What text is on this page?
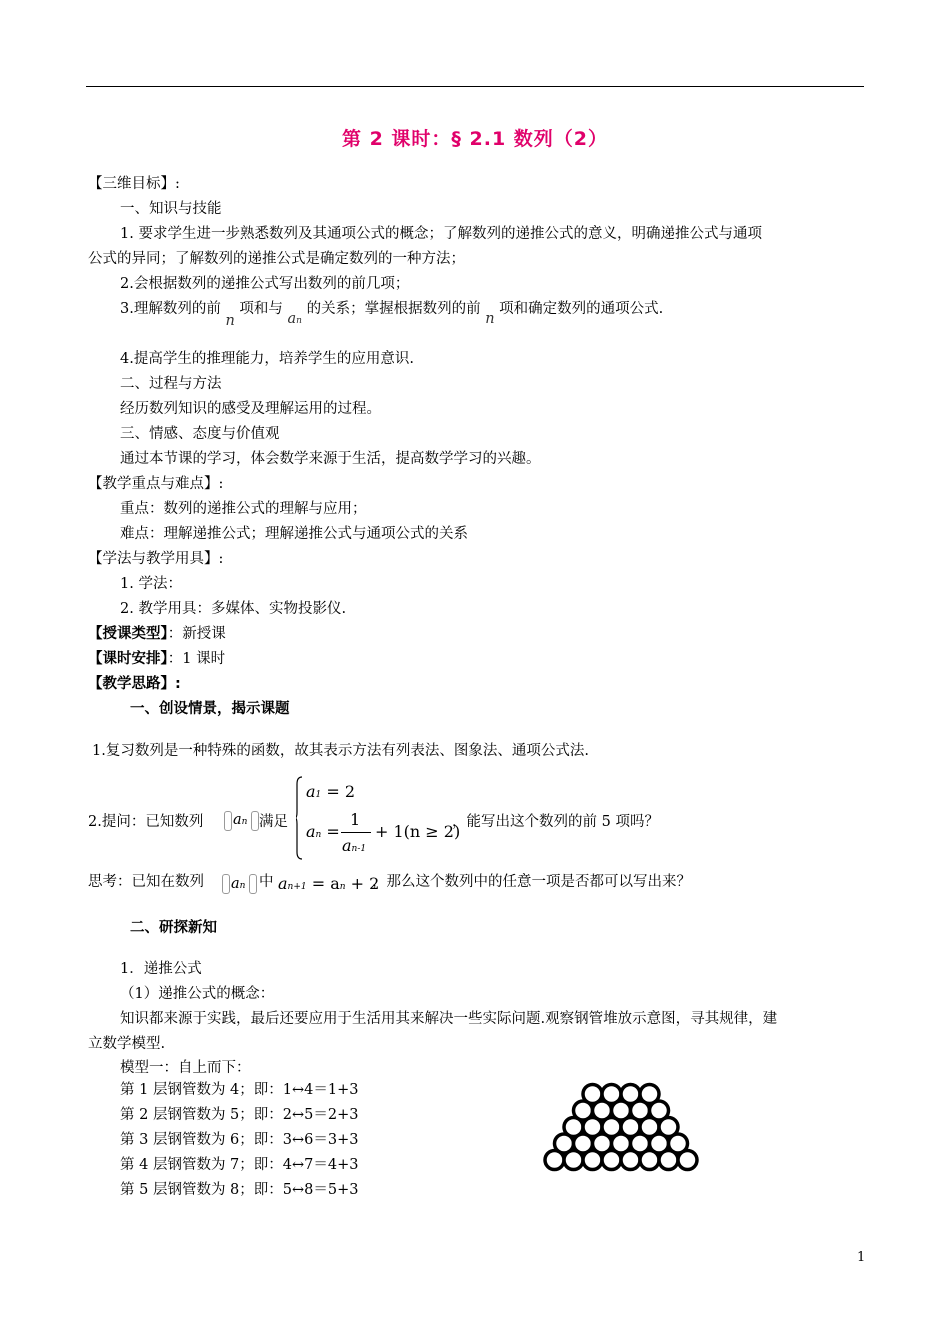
第 2 课时：§ 2.1 数列（2）
【三维目标】:
一、知识与技能
1. 要求学生进一步熟悉数列及其通项公式的概念；了解数列的递推公式的意义，明确递推公式与通项
公式的异同；了解数列的递推公式是确定数列的一种方法；
2.会根据数列的递推公式写出数列的前几项；
3.理解数列的前 n 项和与 an 的关系；掌握根据数列的前 n 项和确定数列的通项公式.
4.提高学生的推理能力，培养学生的应用意识.
二、过程与方法
经历数列知识的感受及理解运用的过程。
三、情感、态度与价值观
通过本节课的学习，体会数学来源于生活，提高数学学习的兴趣。
【教学重点与难点】:
重点：数列的递推公式的理解与应用；
难点：理解递推公式；理解递推公式与通项公式的关系
【学法与教学用具】:
1. 学法：
2. 教学用具：多媒体、实物投影仪.
【授课类型】：新授课
【课时安排】：1 课时
【教学思路】:
一、创设情景，揭示课题
1.复习数列是一种特殊的函数，故其表示方法有列表法、图象法、通项公式法.
2.提问：已知数列 an 满足
a1 = 2
an =
1
an-1
+ 1(n ≥ 2)
，能写出这个数列的前 5 项吗？
思考：已知在数列 an 中 an+1 = an + 2
，那么这个数列中的任意一项是否都可以写出来？
二、研探新知
1．递推公式
（1）递推公式的概念：
知识都来源于实践，最后还要应用于生活用其来解决一些实际问题.观察钢管堆放示意图，寻其规律，建
立数学模型.
模型一：自上而下：
第 1 层钢管数为 4；即：1↔4＝1+3
第 2 层钢管数为 5；即：2↔5＝2+3
第 3 层钢管数为 6；即：3↔6＝3+3
第 4 层钢管数为 7；即：4↔7＝4+3
第 5 层钢管数为 8；即：5↔8＝5+3
1
